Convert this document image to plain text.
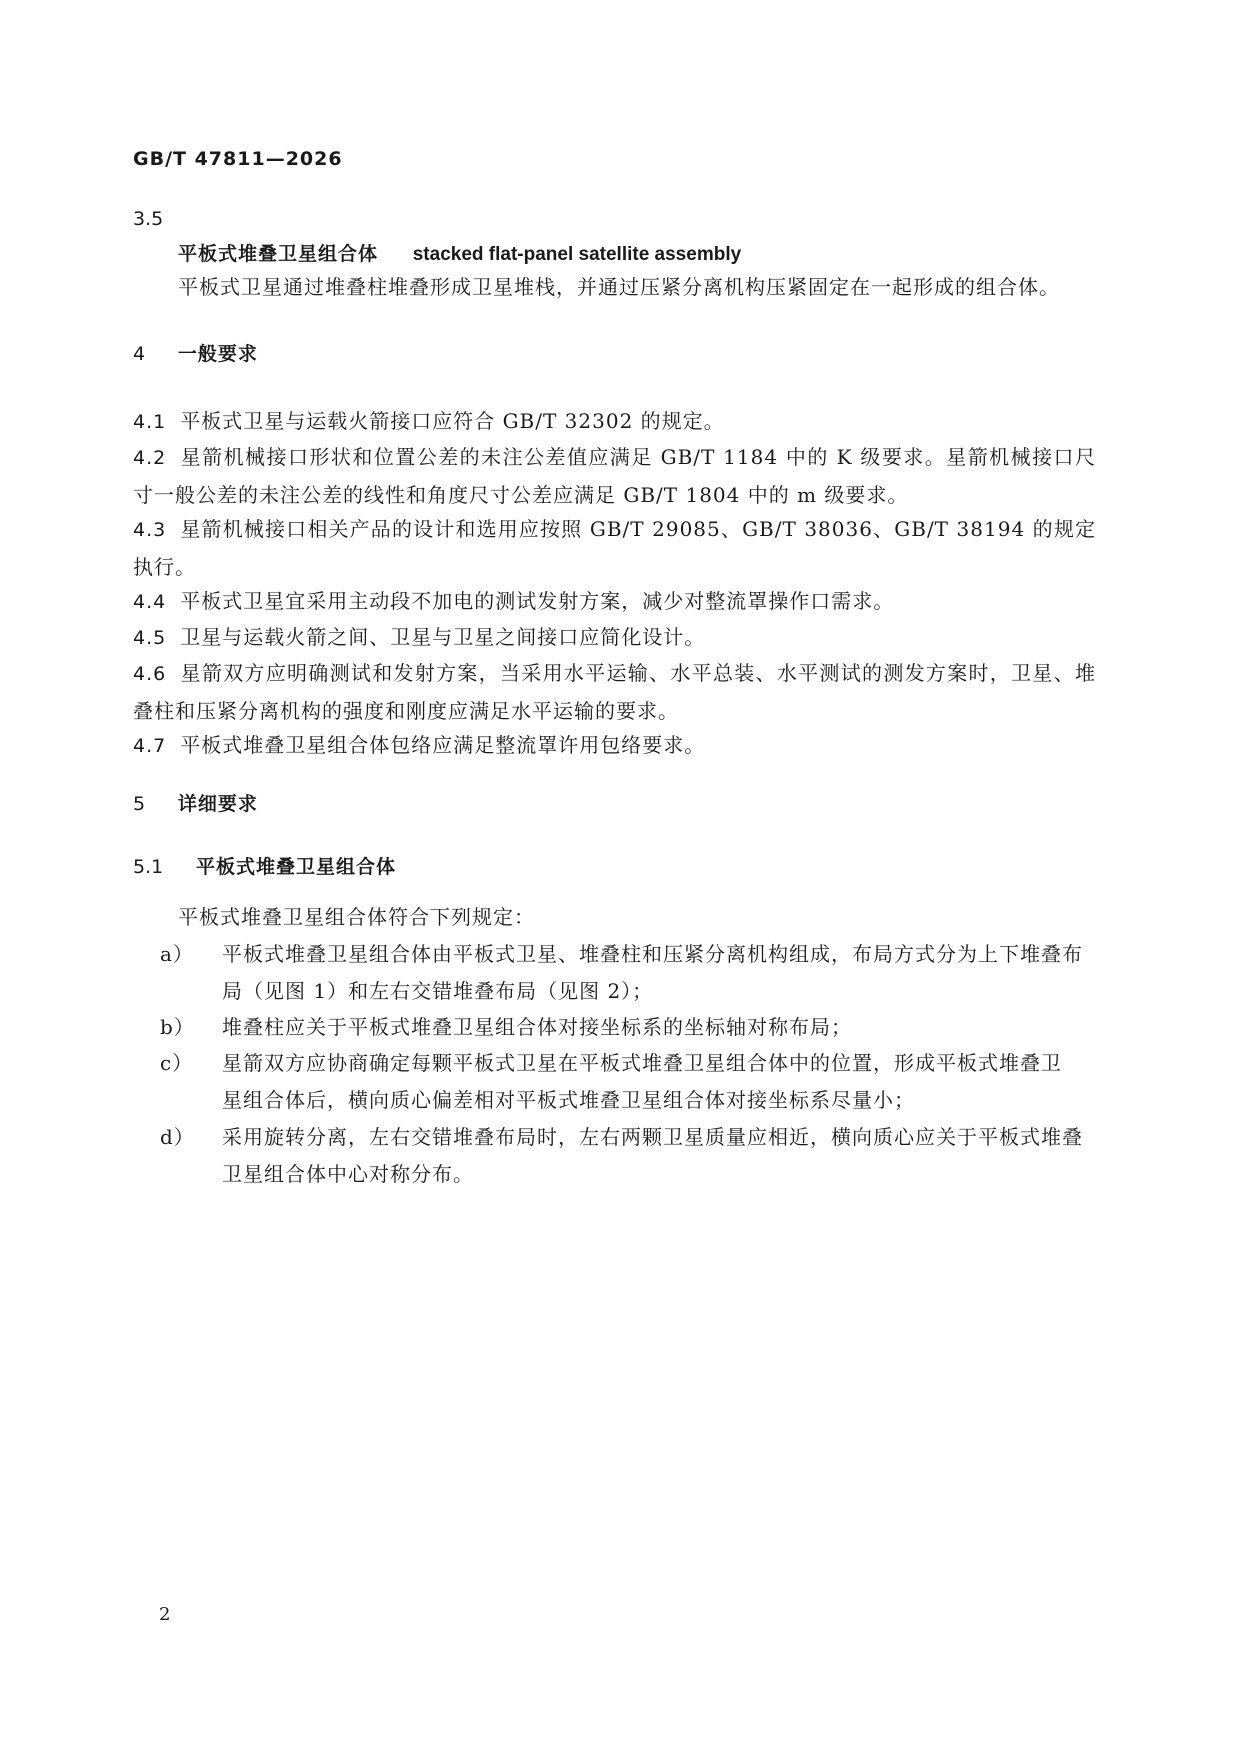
GB/T 47811—2026
3.5
平板式堆叠卫星组合体 stacked flat-panel satellite assembly
平板式卫星通过堆叠柱堆叠形成卫星堆栈，并通过压紧分离机构压紧固定在一起形成的组合体。
4 一般要求
4.1 平板式卫星与运载火箭接口应符合 GB/T 32302 的规定。
4.2 星箭机械接口形状和位置公差的未注公差值应满足 GB/T 1184 中的 K 级要求。星箭机械接口尺寸一般公差的未注公差的线性和角度尺寸公差应满足 GB/T 1804 中的 m 级要求。
4.3 星箭机械接口相关产品的设计和选用应按照 GB/T 29085、GB/T 38036、GB/T 38194 的规定执行。
4.4 平板式卫星宜采用主动段不加电的测试发射方案，减少对整流罩操作口需求。
4.5 卫星与运载火箭之间、卫星与卫星之间接口应简化设计。
4.6 星箭双方应明确测试和发射方案，当采用水平运输、水平总装、水平测试的测发方案时，卫星、堆叠柱和压紧分离机构的强度和刚度应满足水平运输的要求。
4.7 平板式堆叠卫星组合体包络应满足整流罩许用包络要求。
5 详细要求
5.1 平板式堆叠卫星组合体
平板式堆叠卫星组合体符合下列规定：
a） 平板式堆叠卫星组合体由平板式卫星、堆叠柱和压紧分离机构组成，布局方式分为上下堆叠布
局（见图 1）和左右交错堆叠布局（见图 2）；
b） 堆叠柱应关于平板式堆叠卫星组合体对接坐标系的坐标轴对称布局；
c） 星箭双方应协商确定每颗平板式卫星在平板式堆叠卫星组合体中的位置，形成平板式堆叠卫
星组合体后，横向质心偏差相对平板式堆叠卫星组合体对接坐标系尽量小；
d） 采用旋转分离，左右交错堆叠布局时，左右两颗卫星质量应相近，横向质心应关于平板式堆叠
卫星组合体中心对称分布。
2
